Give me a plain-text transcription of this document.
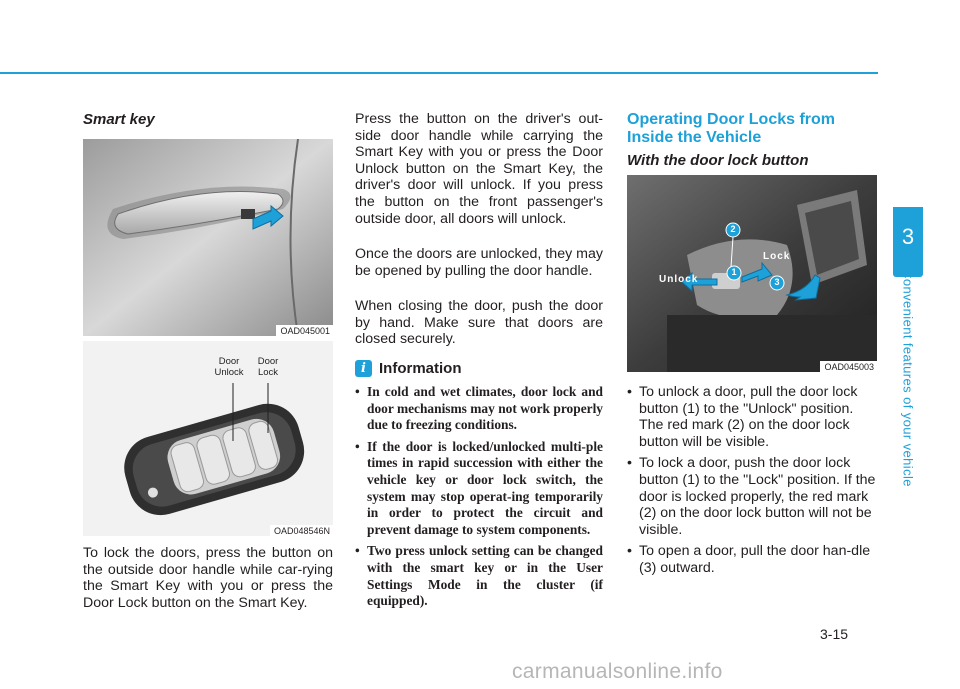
Smart key
OAD045001
Door
Unlock
Door
Lock
OAD048546N

To lock the doors, press the button on the outside door handle while car-rying the Smart Key with you or press the Door Lock button on the Smart Key.

Press the button on the driver's out-side door handle while carrying the Smart Key with you or press the Door Unlock button on the Smart Key, the driver's door will unlock. If you press the button on the front passenger's outside door, all doors will unlock.

Once the doors are unlocked, they may be opened by pulling the door handle.

When closing the door, push the door by hand. Make sure that doors are closed securely.

i Information
• In cold and wet climates, door lock and door mechanisms may not work properly due to freezing conditions.
• If the door is locked/unlocked multi-ple times in rapid succession with either the vehicle key or door lock switch, the system may stop operat-ing temporarily in order to protect the circuit and prevent damage to system components.
• Two press unlock setting can be changed with the smart key or in the User Settings Mode in the cluster (if equipped).
Operating Door Locks from Inside the Vehicle
With the door lock button
1
2
3
Unlock
Lock
OAD045003
• To unlock a door, pull the door lock button (1) to the "Unlock" position. The red mark (2) on the door lock button will be visible.
• To lock a door, push the door lock button (1) to the "Lock" position. If the door is locked properly, the red mark (2) on the door lock button will not be visible.
• To open a door, pull the door han-dle (3) outward.
3
Convenient features of your vehicle
3-15
carmanualsonline.info
